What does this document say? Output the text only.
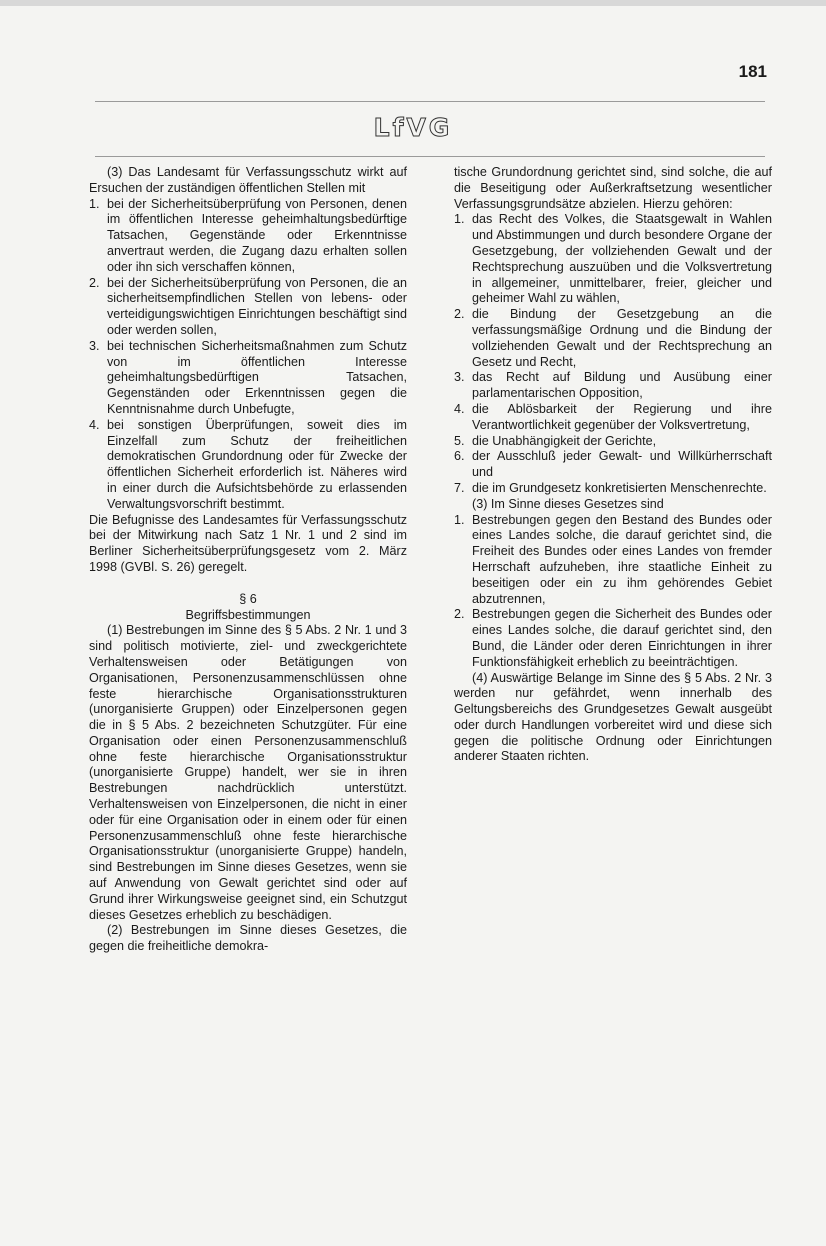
181
LfVG

(3) Das Landesamt für Verfassungsschutz wirkt auf Ersuchen der zuständigen öffentlichen Stellen mit

1. bei der Sicherheitsüberprüfung von Personen, denen im öffentlichen Interesse geheimhaltungsbedürftige Tatsachen, Gegenstände oder Erkenntnisse anvertraut werden, die Zugang dazu erhalten sollen oder ihn sich verschaffen können,
2. bei der Sicherheitsüberprüfung von Personen, die an sicherheitsempfindlichen Stellen von lebens- oder verteidigungswichtigen Einrichtungen beschäftigt sind oder werden sollen,
3. bei technischen Sicherheitsmaßnahmen zum Schutz von im öffentlichen Interesse geheimhaltungsbedürftigen Tatsachen, Gegenständen oder Erkenntnissen gegen die Kenntnisnahme durch Unbefugte,
4. bei sonstigen Überprüfungen, soweit dies im Einzelfall zum Schutz der freiheitlichen demokratischen Grundordnung oder für Zwecke der öffentlichen Sicherheit erforderlich ist. Näheres wird in einer durch die Aufsichtsbehörde zu erlassenden Verwaltungsvorschrift bestimmt.

Die Befugnisse des Landesamtes für Verfassungsschutz bei der Mitwirkung nach Satz 1 Nr. 1 und 2 sind im Berliner Sicherheitsüberprüfungsgesetz vom 2. März 1998 (GVBl. S. 26) geregelt.

§ 6

Begriffsbestimmungen

(1) Bestrebungen im Sinne des § 5 Abs. 2 Nr. 1 und 3 sind politisch motivierte, ziel- und zweckgerichtete Verhaltensweisen oder Betätigungen von Organisationen, Personenzusammenschlüssen ohne feste hierarchische Organisationsstrukturen (unorganisierte Gruppen) oder Einzelpersonen gegen die in § 5 Abs. 2 bezeichneten Schutzgüter. Für eine Organisation oder einen Personenzusammenschluß ohne feste hierarchische Organisationsstruktur (unorganisierte Gruppe) handelt, wer sie in ihren Bestrebungen nachdrücklich unterstützt. Verhaltensweisen von Einzelpersonen, die nicht in einer oder für eine Organisation oder in einem oder für einen Personenzusammenschluß ohne feste hierarchische Organisationsstruktur (unorganisierte Gruppe) handeln, sind Bestrebungen im Sinne dieses Gesetzes, wenn sie auf Anwendung von Gewalt gerichtet sind oder auf Grund ihrer Wirkungsweise geeignet sind, ein Schutzgut dieses Gesetzes erheblich zu beschädigen.

(2) Bestrebungen im Sinne dieses Gesetzes, die gegen die freiheitliche demokra-

tische Grundordnung gerichtet sind, sind solche, die auf die Beseitigung oder Außerkraftsetzung wesentlicher Verfassungsgrundsätze abzielen. Hierzu gehören:

1. das Recht des Volkes, die Staatsgewalt in Wahlen und Abstimmungen und durch besondere Organe der Gesetzgebung, der vollziehenden Gewalt und der Rechtsprechung auszuüben und die Volksvertretung in allgemeiner, unmittelbarer, freier, gleicher und geheimer Wahl zu wählen,
2. die Bindung der Gesetzgebung an die verfassungsmäßige Ordnung und die Bindung der vollziehenden Gewalt und der Rechtsprechung an Gesetz und Recht,
3. das Recht auf Bildung und Ausübung einer parlamentarischen Opposition,
4. die Ablösbarkeit der Regierung und ihre Verantwortlichkeit gegenüber der Volksvertretung,
5. die Unabhängigkeit der Gerichte,
6. der Ausschluß jeder Gewalt- und Willkürherrschaft und
7. die im Grundgesetz konkretisierten Menschenrechte.

(3) Im Sinne dieses Gesetzes sind

1. Bestrebungen gegen den Bestand des Bundes oder eines Landes solche, die darauf gerichtet sind, die Freiheit des Bundes oder eines Landes von fremder Herrschaft aufzuheben, ihre staatliche Einheit zu beseitigen oder ein zu ihm gehörendes Gebiet abzutrennen,
2. Bestrebungen gegen die Sicherheit des Bundes oder eines Landes solche, die darauf gerichtet sind, den Bund, die Länder oder deren Einrichtungen in ihrer Funktionsfähigkeit erheblich zu beeinträchtigen.

(4) Auswärtige Belange im Sinne des § 5 Abs. 2 Nr. 3 werden nur gefährdet, wenn innerhalb des Geltungsbereichs des Grundgesetzes Gewalt ausgeübt oder durch Handlungen vorbereitet wird und diese sich gegen die politische Ordnung oder Einrichtungen anderer Staaten richten.
